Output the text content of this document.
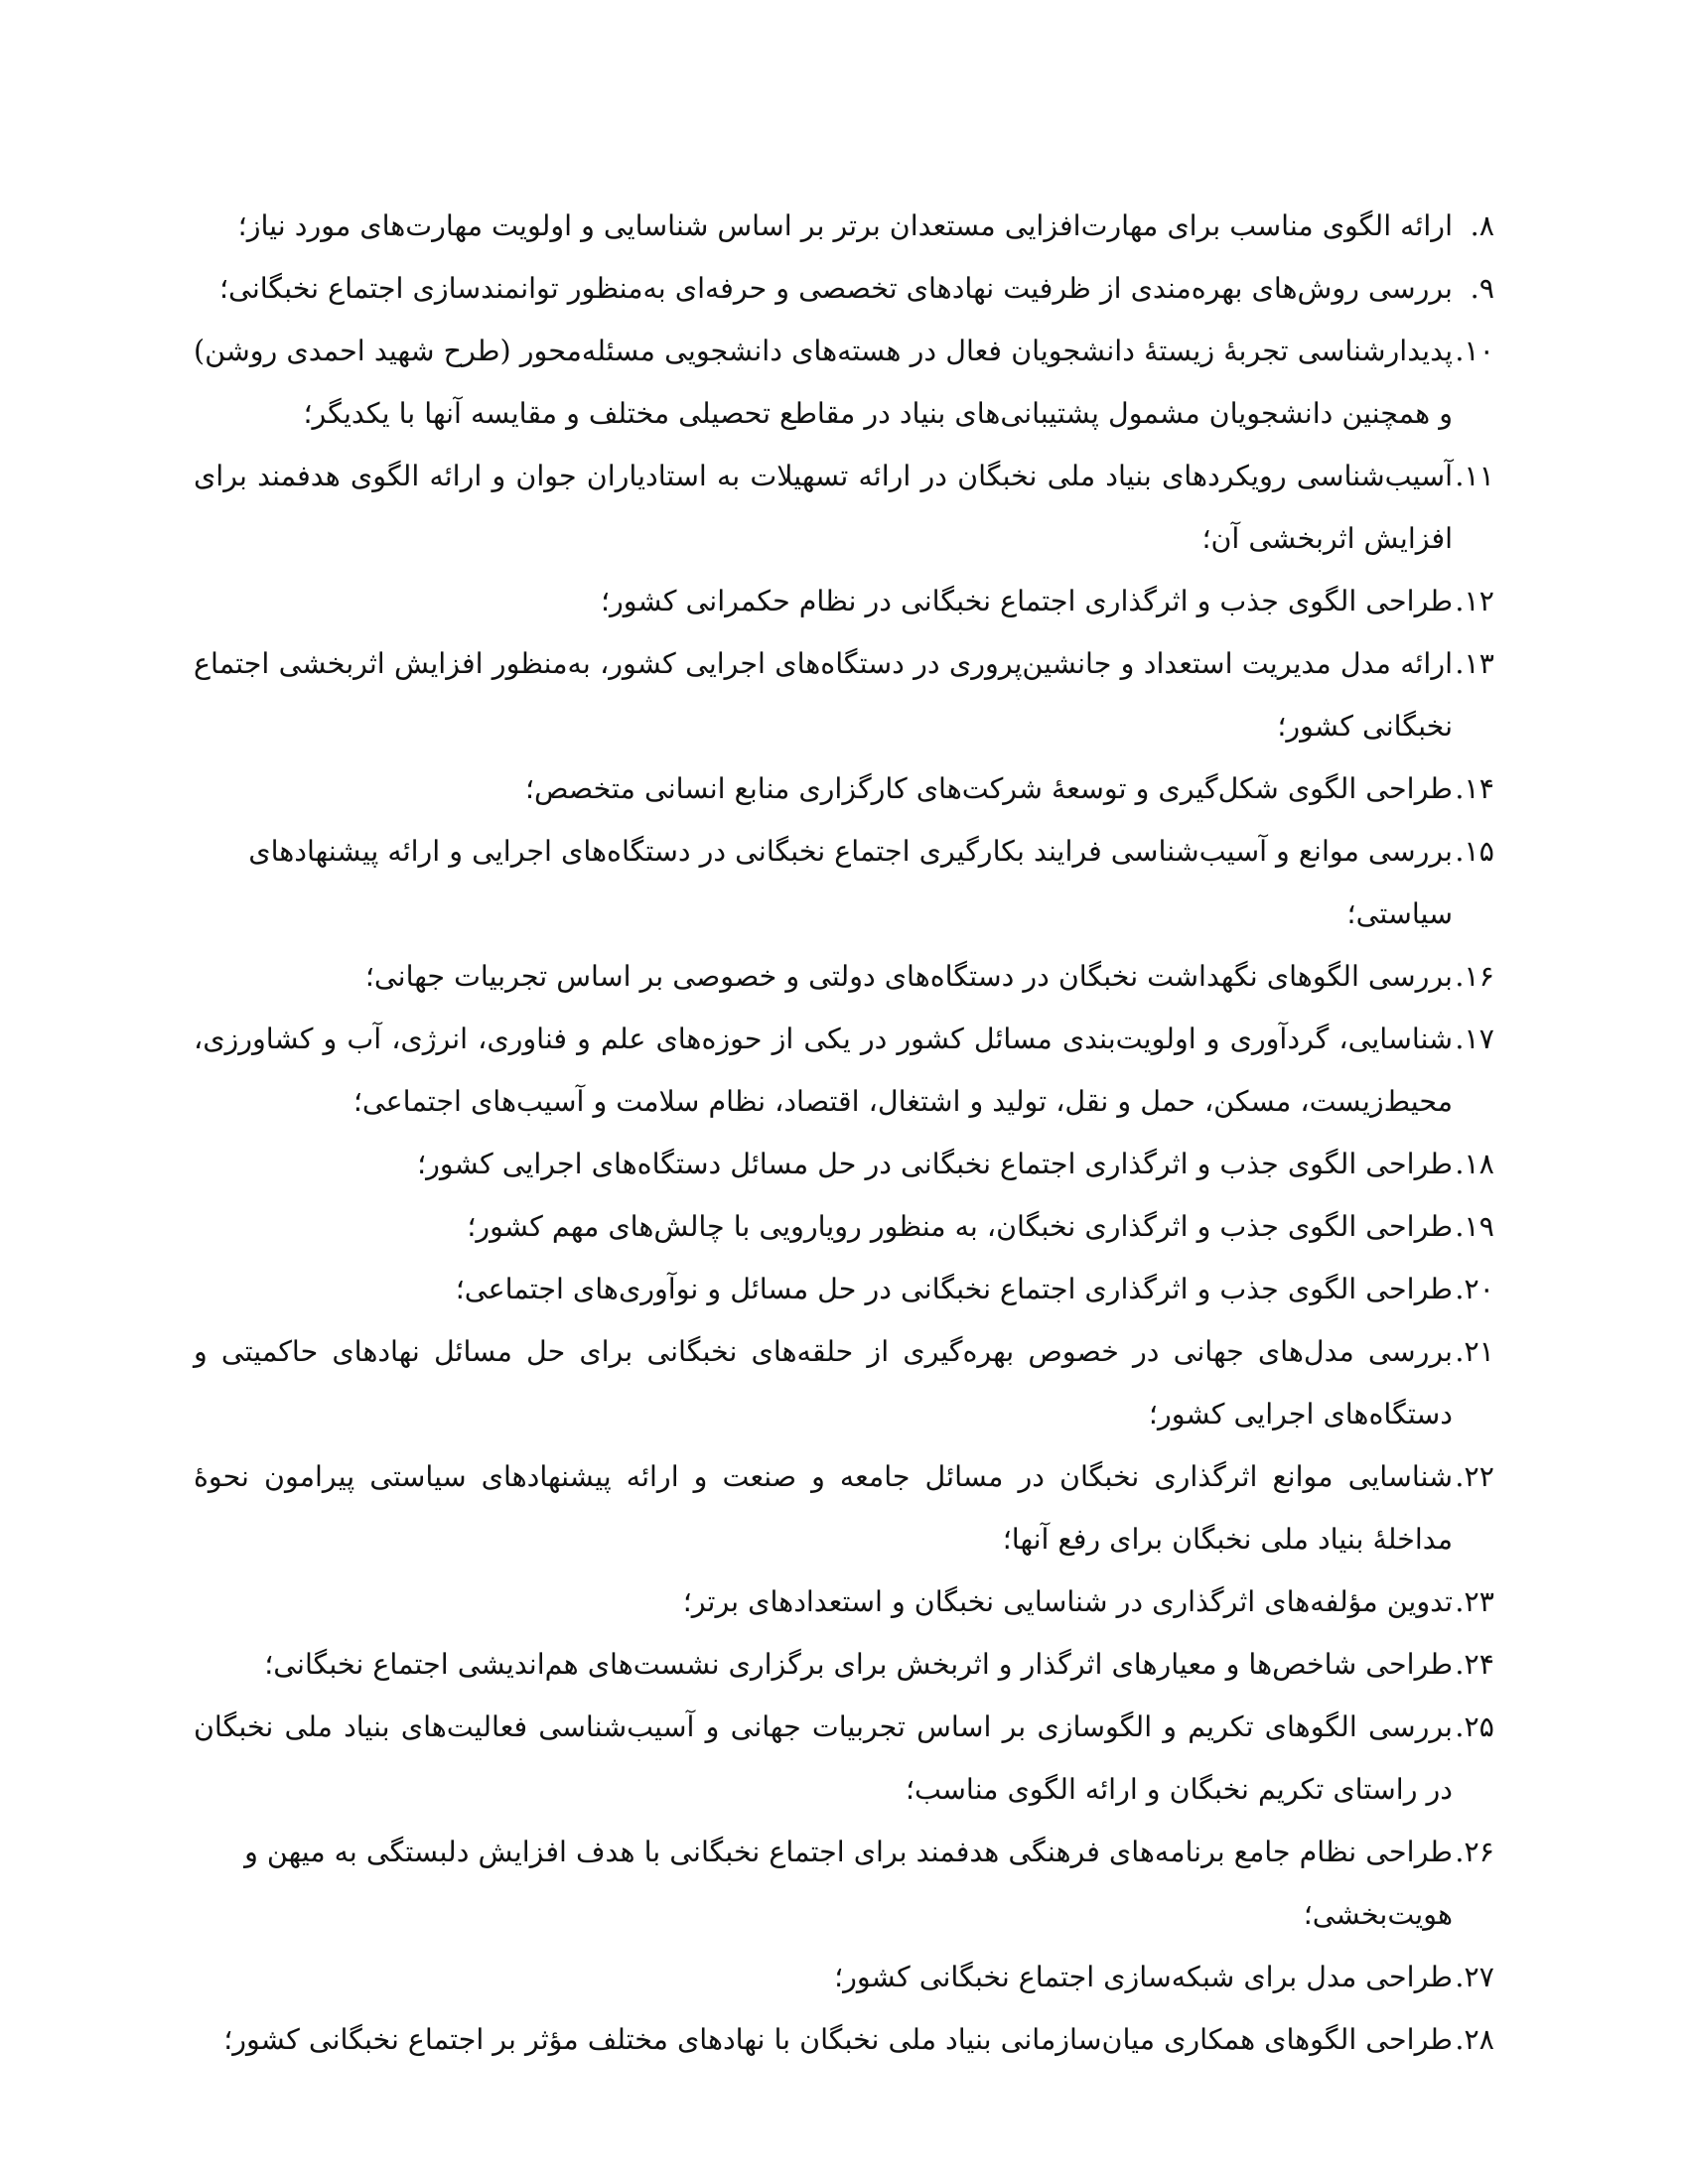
۸.
ارائه الگوی مناسب برای مهارت‌افزایی مستعدان برتر بر اساس شناسایی و اولویت مهارت‌های مورد نیاز؛
۹.
بررسی روش‌های بهره‌مندی از ظرفیت نهادهای تخصصی و حرفه‌ای به‌منظور توانمندسازی اجتماع نخبگانی؛
۱۰.
پدیدارشناسی تجربهٔ زیستهٔ دانشجویان فعال در هسته‌های دانشجویی مسئله‌محور (طرح شهید احمدی روشن) و همچنین دانشجویان مشمول پشتیبانی‌های بنیاد در مقاطع تحصیلی مختلف و مقایسه آنها با یکدیگر؛
۱۱.
آسیب‌شناسی رویکردهای بنیاد ملی نخبگان در ارائه تسهیلات به استادیاران جوان و ارائه الگوی هدفمند برای افزایش اثربخشی آن؛
۱۲.
طراحی الگوی جذب و اثرگذاری اجتماع نخبگانی در نظام حکمرانی کشور؛
۱۳.
ارائه مدل مدیریت استعداد و جانشین‌پروری در دستگاه‌های اجرایی کشور، به‌منظور افزایش اثربخشی اجتماع نخبگانی کشور؛
۱۴.
طراحی الگوی شکل‌گیری و توسعهٔ شرکت‌های کارگزاری منابع انسانی متخصص؛
۱۵.
بررسی موانع و آسیب‌شناسی فرایند بکارگیری اجتماع نخبگانی در دستگاه‌های اجرایی و ارائه پیشنهادهای سیاستی؛
۱۶.
بررسی الگوهای نگهداشت نخبگان در دستگاه‌های دولتی و خصوصی بر اساس تجربیات جهانی؛
۱۷.
شناسایی، گردآوری و اولویت‌بندی مسائل کشور در یکی از حوزه‌های علم و فناوری، انرژی، آب و کشاورزی، محیط‌زیست، مسکن، حمل و نقل، تولید و اشتغال، اقتصاد، نظام سلامت و آسیب‌های اجتماعی؛
۱۸.
طراحی الگوی جذب و اثرگذاری اجتماع نخبگانی در حل مسائل دستگاه‌های اجرایی کشور؛
۱۹.
طراحی الگوی جذب و اثرگذاری نخبگان، به منظور رویارویی با چالش‌های مهم کشور؛
۲۰.
طراحی الگوی جذب و اثرگذاری اجتماع نخبگانی در حل مسائل و نوآوری‌های اجتماعی؛
۲۱.
بررسی مدل‌های جهانی در خصوص بهره‌گیری از حلقه‌های نخبگانی برای حل مسائل نهادهای حاکمیتی و دستگاه‌های اجرایی کشور؛
۲۲.
شناسایی موانع اثرگذاری نخبگان در مسائل جامعه و صنعت و ارائه پیشنهادهای سیاستی پیرامون نحوهٔ مداخلهٔ بنیاد ملی نخبگان برای رفع آنها؛
۲۳.
تدوین مؤلفه‌های اثرگذاری در شناسایی نخبگان و استعدادهای برتر؛
۲۴.
طراحی شاخص‌ها و معیارهای اثرگذار و اثربخش برای برگزاری نشست‌های هم‌اندیشی اجتماع نخبگانی؛
۲۵.
بررسی الگوهای تکریم و الگوسازی بر اساس تجربیات جهانی و آسیب‌شناسی فعالیت‌های بنیاد ملی نخبگان در راستای تکریم نخبگان و ارائه الگوی مناسب؛
۲۶.
طراحی نظام جامع برنامه‌های فرهنگی هدفمند برای اجتماع نخبگانی با هدف افزایش دلبستگی به میهن و هویت‌بخشی؛
۲۷.
طراحی مدل برای شبکه‌سازی اجتماع نخبگانی کشور؛
۲۸.
طراحی الگوهای همکاری میان‌سازمانی بنیاد ملی نخبگان با نهادهای مختلف مؤثر بر اجتماع نخبگانی کشور؛
